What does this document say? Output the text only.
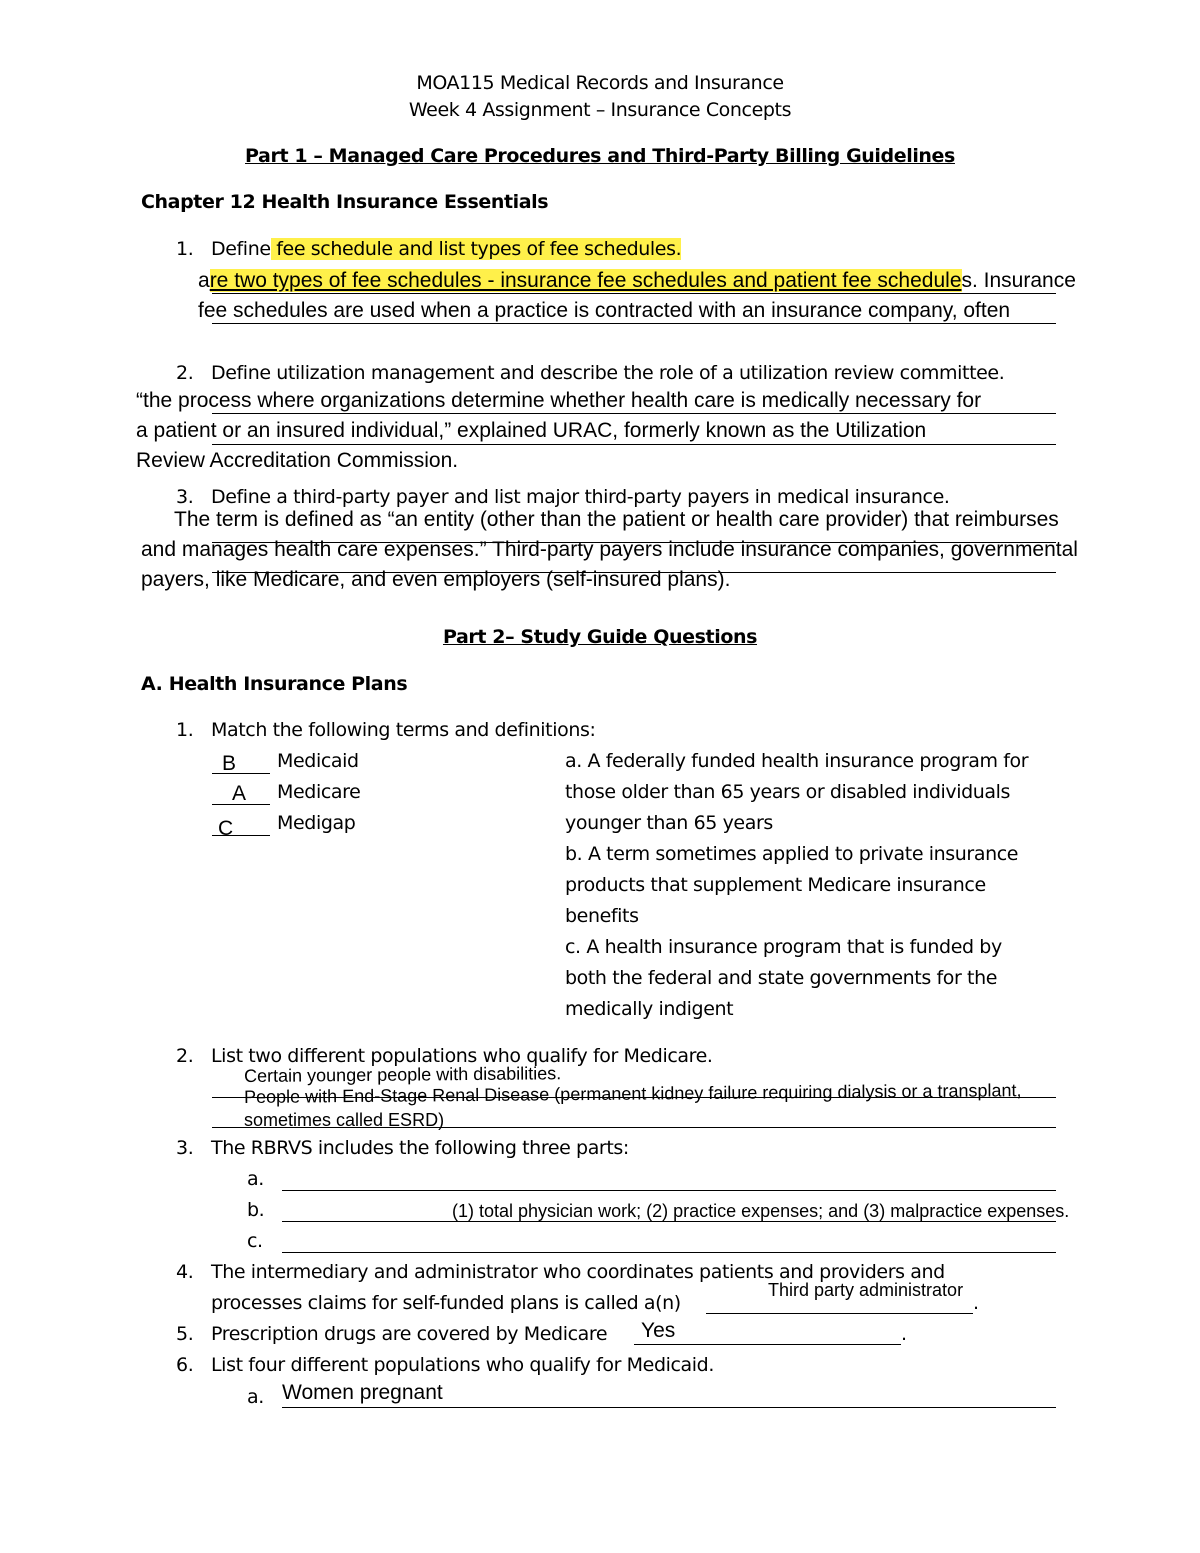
MOA115 Medical Records and Insurance
Week 4 Assignment – Insurance Concepts
Part 1 – Managed Care Procedures and Third-Party Billing Guidelines
Chapter 12 Health Insurance Essentials
1. Define fee schedule and list types of fee schedules.
are two types of fee schedules - insurance fee schedules and patient fee schedules. Insurance
fee schedules are used when a practice is contracted with an insurance company, often
2. Define utilization management and describe the role of a utilization review committee.
“the process where organizations determine whether health care is medically necessary for
a patient or an insured individual,” explained URAC, formerly known as the Utilization
Review Accreditation Commission.
3. Define a third-party payer and list major third-party payers in medical insurance.
The term is defined as “an entity (other than the patient or health care provider) that reimburses
and manages health care expenses.” Third-party payers include insurance companies, governmental
payers, like Medicare, and even employers (self-insured plans).
Part 2– Study Guide Questions
A. Health Insurance Plans
1. Match the following terms and definitions:
B Medicaid
A Medicare
C Medigap
a. A federally funded health insurance program for
those older than 65 years or disabled individuals
younger than 65 years
b. A term sometimes applied to private insurance
products that supplement Medicare insurance
benefits
c. A health insurance program that is funded by
both the federal and state governments for the
medically indigent
2. List two different populations who qualify for Medicare.
Certain younger people with disabilities.
People with End-Stage Renal Disease (permanent kidney failure requiring dialysis or a transplant,
sometimes called ESRD)
3. The RBRVS includes the following three parts:
a.
b.	(1) total physician work; (2) practice expenses; and (3) malpractice expenses.
c.
4. The intermediary and administrator who coordinates patients and providers and
processes claims for self-funded plans is called a(n)	.
Third party administrator
5. Prescription drugs are covered by Medicare	.
Yes
6. List four different populations who qualify for Medicaid.
a. Women pregnant
